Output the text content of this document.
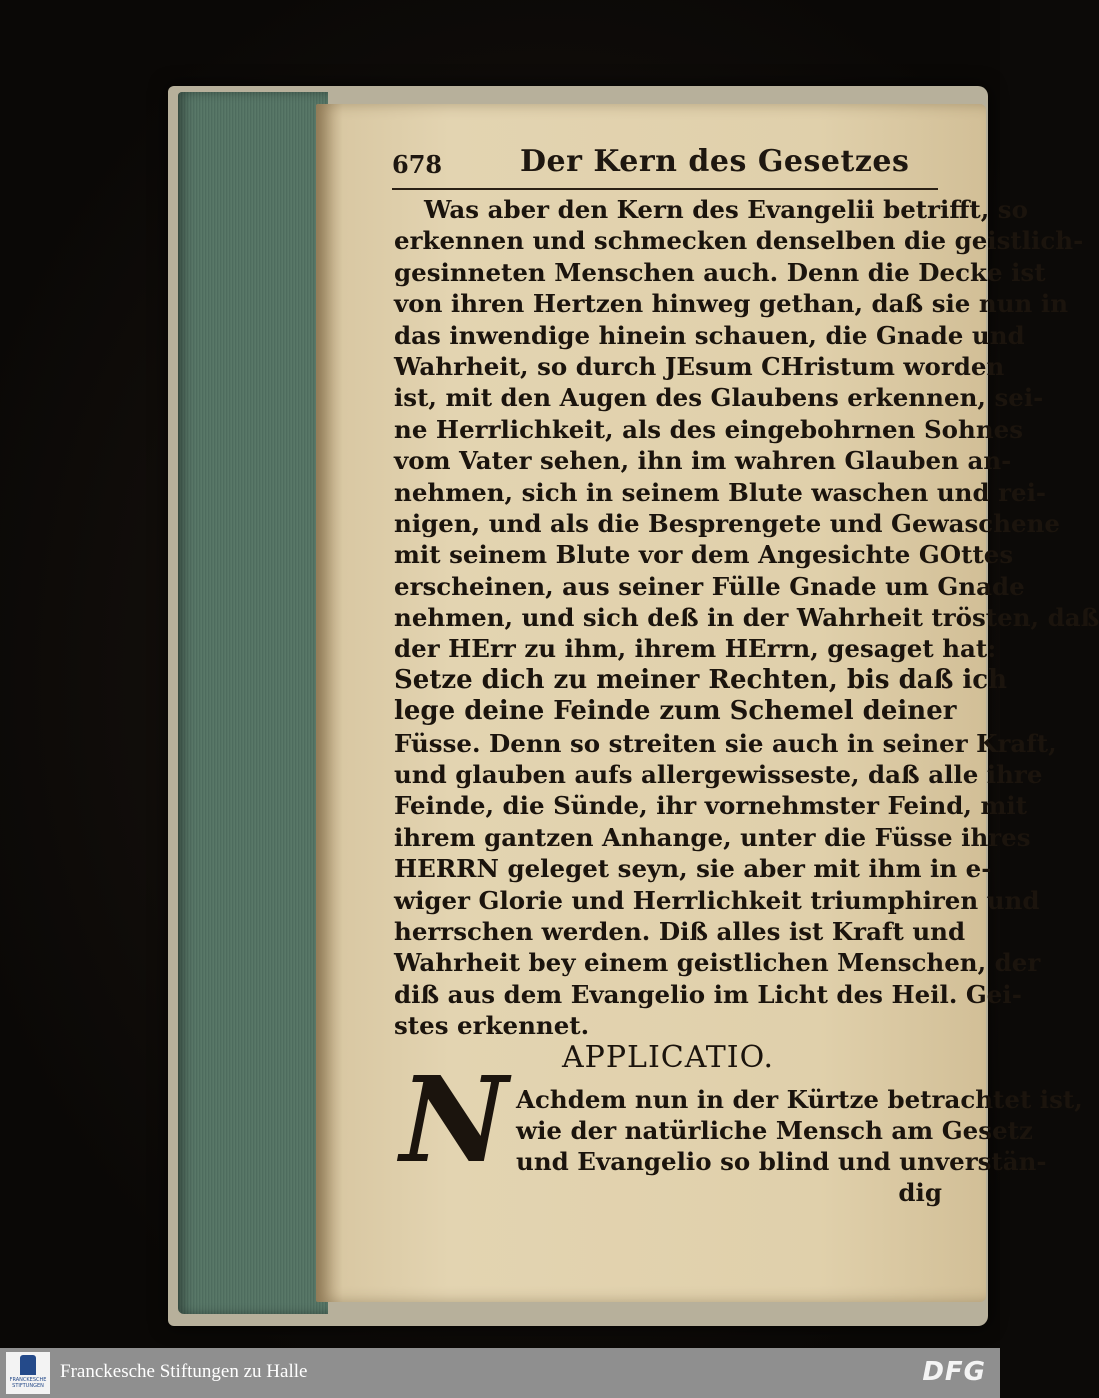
678	Der Kern des Gesetzes
Was aber den Kern des Evangelii betrifft, so
erkennen und schmecken denselben die geistlich-
gesinneten Menschen auch. Denn die Decke ist
von ihren Hertzen hinweg gethan, daß sie nun in
das inwendige hinein schauen, die Gnade und
Wahrheit, so durch JEsum CHristum worden
ist, mit den Augen des Glaubens erkennen, sei-
ne Herrlichkeit, als des eingebohrnen Sohnes
vom Vater sehen, ihn im wahren Glauben an-
nehmen, sich in seinem Blute waschen und rei-
nigen, und als die Besprengete und Gewaschene
mit seinem Blute vor dem Angesichte GOttes
erscheinen, aus seiner Fülle Gnade um Gnade
nehmen, und sich deß in der Wahrheit trösten, daß
der HErr zu ihm, ihrem HErrn, gesaget hat:
Setze dich zu meiner Rechten, bis daß ich
lege deine Feinde zum Schemel deiner
Füsse. Denn so streiten sie auch in seiner Kraft,
und glauben aufs allergewisseste, daß alle ihre
Feinde, die Sünde, ihr vornehmster Feind, mit
ihrem gantzen Anhange, unter die Füsse ihres
HERRN geleget seyn, sie aber mit ihm in e-
wiger Glorie und Herrlichkeit triumphiren und
herrschen werden. Diß alles ist Kraft und
Wahrheit bey einem geistlichen Menschen, der
diß aus dem Evangelio im Licht des Heil. Gei-
stes erkennet.
APPLICATIO.
N Achdem nun in der Kürtze betrachtet ist,
wie der natürliche Mensch am Gesetz
und Evangelio so blind und unverstän-
dig
FRANCKESCHE STIFTUNGEN
Franckesche Stiftungen zu Halle	DFG
